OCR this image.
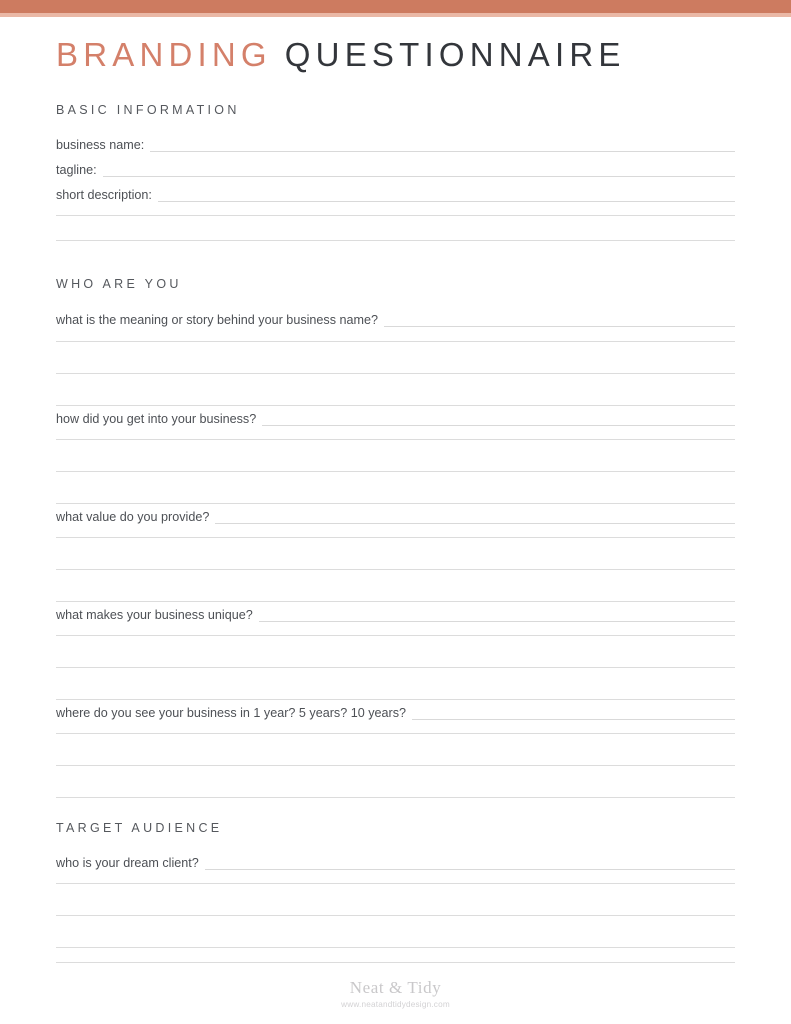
BRANDING QUESTIONNAIRE
BASIC INFORMATION
business name:
tagline:
short description:
WHO ARE YOU
what is the meaning or story behind your business name?
how did you get into your business?
what value do you provide?
what makes your business unique?
where do you see your business in 1 year? 5 years? 10 years?
TARGET AUDIENCE
who is your dream client?
Neat & Tidy
www.neatandtidydesign.com
